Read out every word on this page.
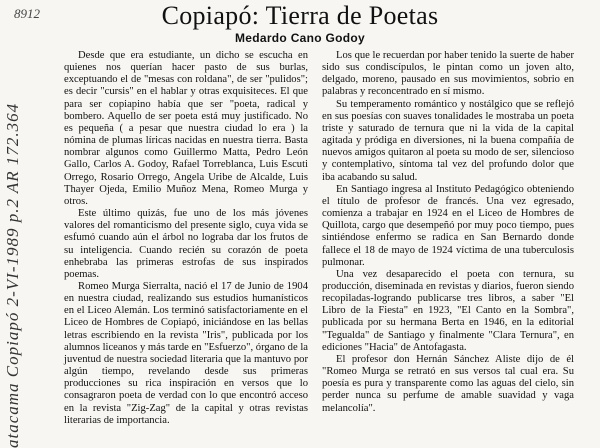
8912
atacama Copiapó 2-VI-1989 p.2 AR 172.364
Copiapó: Tierra de Poetas
Medardo Cano Godoy

Desde que era estudiante, un dicho se escucha en quienes nos querían hacer pasto de sus burlas, exceptuando el de "mesas con roldana", de ser "pulidos"; es decir "cursis" en el hablar y otras exquisiteces. El que para ser copiapino había que ser "poeta, radical y bombero. Aquello de ser poeta está muy justificado. No es pequeña ( a pesar que nuestra ciudad lo era ) la nómina de plumas líricas nacidas en nuestra tierra. Basta nombrar algunos como Guillermo Matta, Pedro León Gallo, Carlos A. Godoy, Rafael Torreblanca, Luis Escuti Orrego, Rosario Orrego, Angela Uribe de Alcalde, Luis Thayer Ojeda, Emilio Muñoz Mena, Romeo Murga y otros.

Este último quizás, fue uno de los más jóvenes valores del romanticismo del presente siglo, cuya vida se esfumó cuando aún el árbol no lograba dar los frutos de su inteligencia. Cuando recién su corazón de poeta enhebraba las primeras estrofas de sus inspirados poemas.

Romeo Murga Sierralta, nació el 17 de Junio de 1904 en nuestra ciudad, realizando sus estudios humanísticos en el Liceo Alemán. Los terminó satisfactoriamente en el Liceo de Hombres de Copiapó, iniciándose en las bellas letras escribiendo en la revista "Iris", publicada por los alumnos liceanos y más tarde en "Esfuerzo", órgano de la juventud de nuestra sociedad literaria que la mantuvo por algún tiempo, revelando desde sus primeras producciones su rica inspiración en versos que lo consagraron poeta de verdad con lo que encontró acceso en la revista "Zig-Zag" de la capital y otras revistas literarias de importancia.

Los que le recuerdan por haber tenido la suerte de haber sido sus condiscípulos, le pintan como un joven alto, delgado, moreno, pausado en sus movimientos, sobrio en palabras y reconcentrado en sí mismo.

Su temperamento romántico y nostálgico que se reflejó en sus poesías con suaves tonalidades le mostraba un poeta triste y saturado de ternura que ni la vida de la capital agitada y pródiga en diversiones, ni la buena compañía de nuevos amigos quitaron al poeta su modo de ser, silencioso y contemplativo, síntoma tal vez del profundo dolor que iba acabando su salud.

En Santiago ingresa al Instituto Pedagógico obteniendo el título de profesor de francés. Una vez egresado, comienza a trabajar en 1924 en el Liceo de Hombres de Quillota, cargo que desempeñó por muy poco tiempo, pues sintiéndose enfermo se radica en San Bernardo donde fallece el 18 de mayo de 1924 víctima de una tuberculosis pulmonar.

Una vez desaparecido el poeta con ternura, su producción, diseminada en revistas y diarios, fueron siendo recopiladas-logrando publicarse tres libros, a saber "El Libro de la Fiesta" en 1923, "El Canto en la Sombra", publicada por su hermana Berta en 1946, en la editorial "Tegualda" de Santiago y finalmente "Clara Ternura", en ediciones "Hacia" de Antofagasta.

El profesor don Hernán Sánchez Aliste dijo de él "Romeo Murga se retrató en sus versos tal cual era. Su poesía es pura y transparente como las aguas del cielo, sin perder nunca su perfume de amable suavidad y vaga melancolía".
